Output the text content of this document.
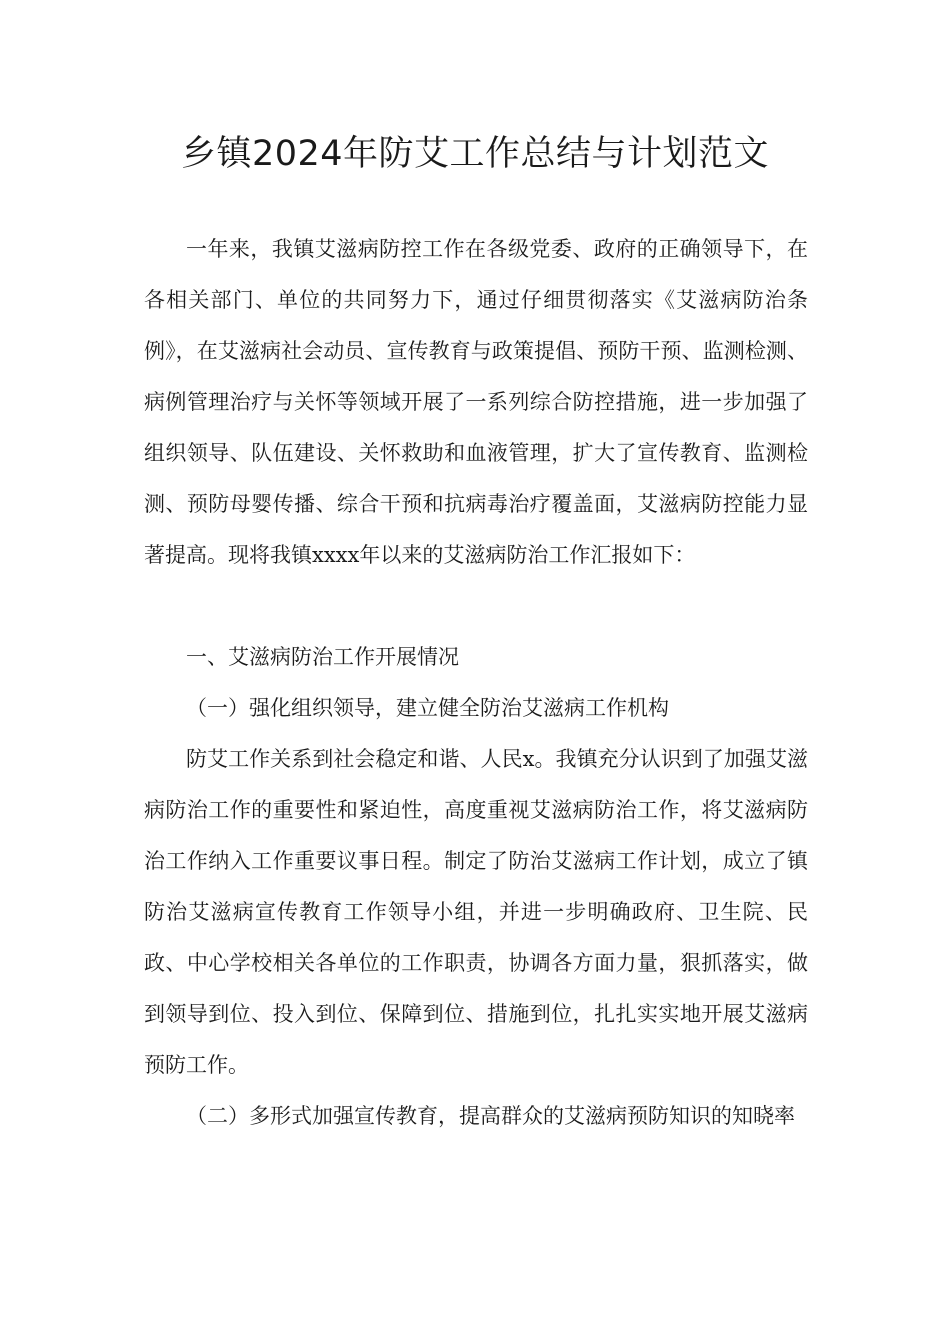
乡镇2024年防艾工作总结与计划范文

一年来，我镇艾滋病防控工作在各级党委、政府的正确领导下，在各相关部门、单位的共同努力下，通过仔细贯彻落实《艾滋病防治条例》，在艾滋病社会动员、宣传教育与政策提倡、预防干预、监测检测、病例管理治疗与关怀等领域开展了一系列综合防控措施，进一步加强了组织领导、队伍建设、关怀救助和血液管理，扩大了宣传教育、监测检测、预防母婴传播、综合干预和抗病毒治疗覆盖面，艾滋病防控能力显著提高。现将我镇xxxx年以来的艾滋病防治工作汇报如下：

一、艾滋病防治工作开展情况

（一）强化组织领导，建立健全防治艾滋病工作机构

防艾工作关系到社会稳定和谐、人民x。我镇充分认识到了加强艾滋病防治工作的重要性和紧迫性，高度重视艾滋病防治工作，将艾滋病防治工作纳入工作重要议事日程。制定了防治艾滋病工作计划，成立了镇防治艾滋病宣传教育工作领导小组，并进一步明确政府、卫生院、民政、中心学校相关各单位的工作职责，协调各方面力量，狠抓落实，做到领导到位、投入到位、保障到位、措施到位，扎扎实实地开展艾滋病预防工作。

（二）多形式加强宣传教育，提高群众的艾滋病预防知识的知晓率
